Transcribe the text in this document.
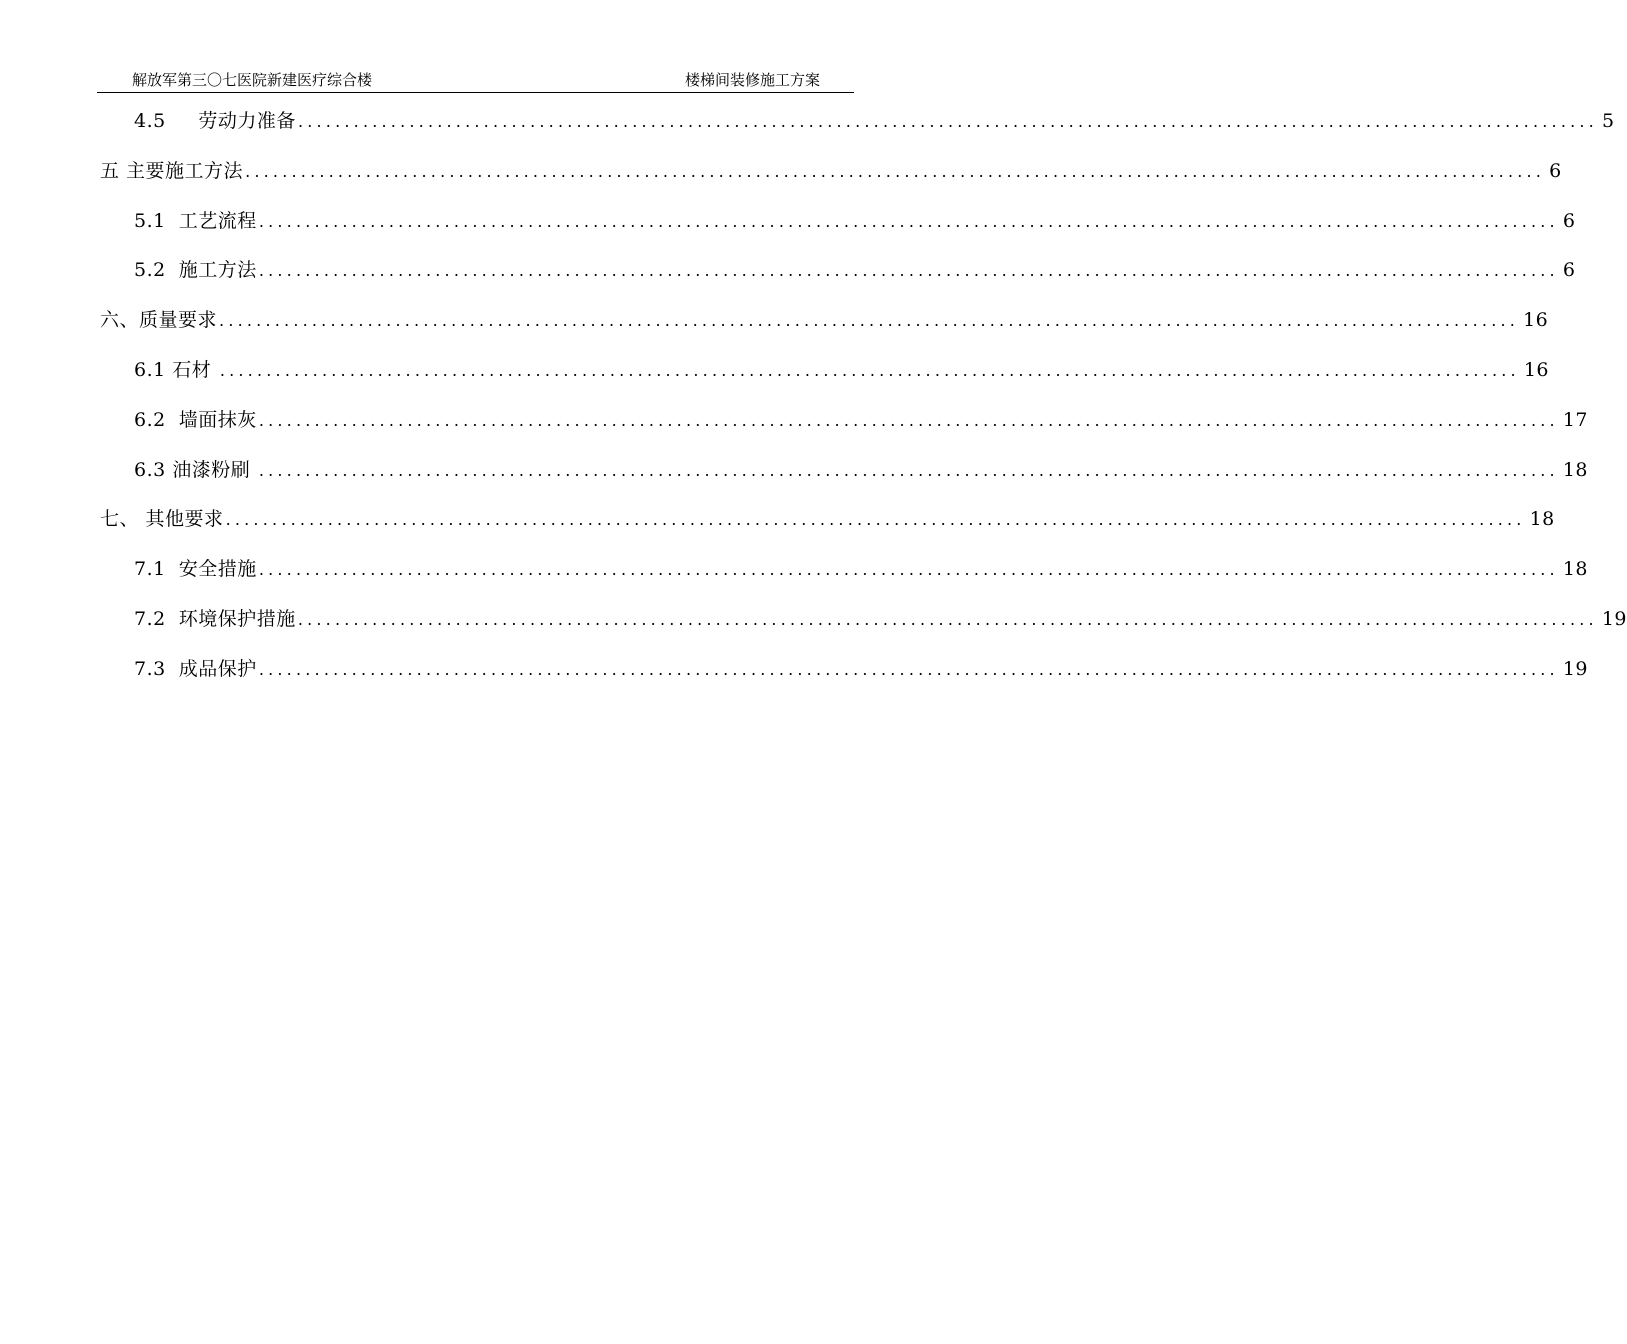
解放军第三〇七医院新建医疗综合楼	楼梯间装修施工方案
4.5 劳动力准备 ............................................................................................................................................ 5
五 主要施工方法 ............................................................................................................................................ 6
5.1 工艺流程 ............................................................................................................................................ 6
5.2 施工方法 ............................................................................................................................................ 6
六、 质量要求 ............................................................................................................................................ 16
6.1 石材 ............................................................................................................................................ 16
6.2 墙面抹灰 ............................................................................................................................................ 17
6.3 油漆粉刷 ............................................................................................................................................ 18
七、 其他要求 ............................................................................................................................................ 18
7.1 安全措施 ............................................................................................................................................ 18
7.2 环境保护措施 ............................................................................................................................................ 19
7.3 成品保护 ............................................................................................................................................ 19
